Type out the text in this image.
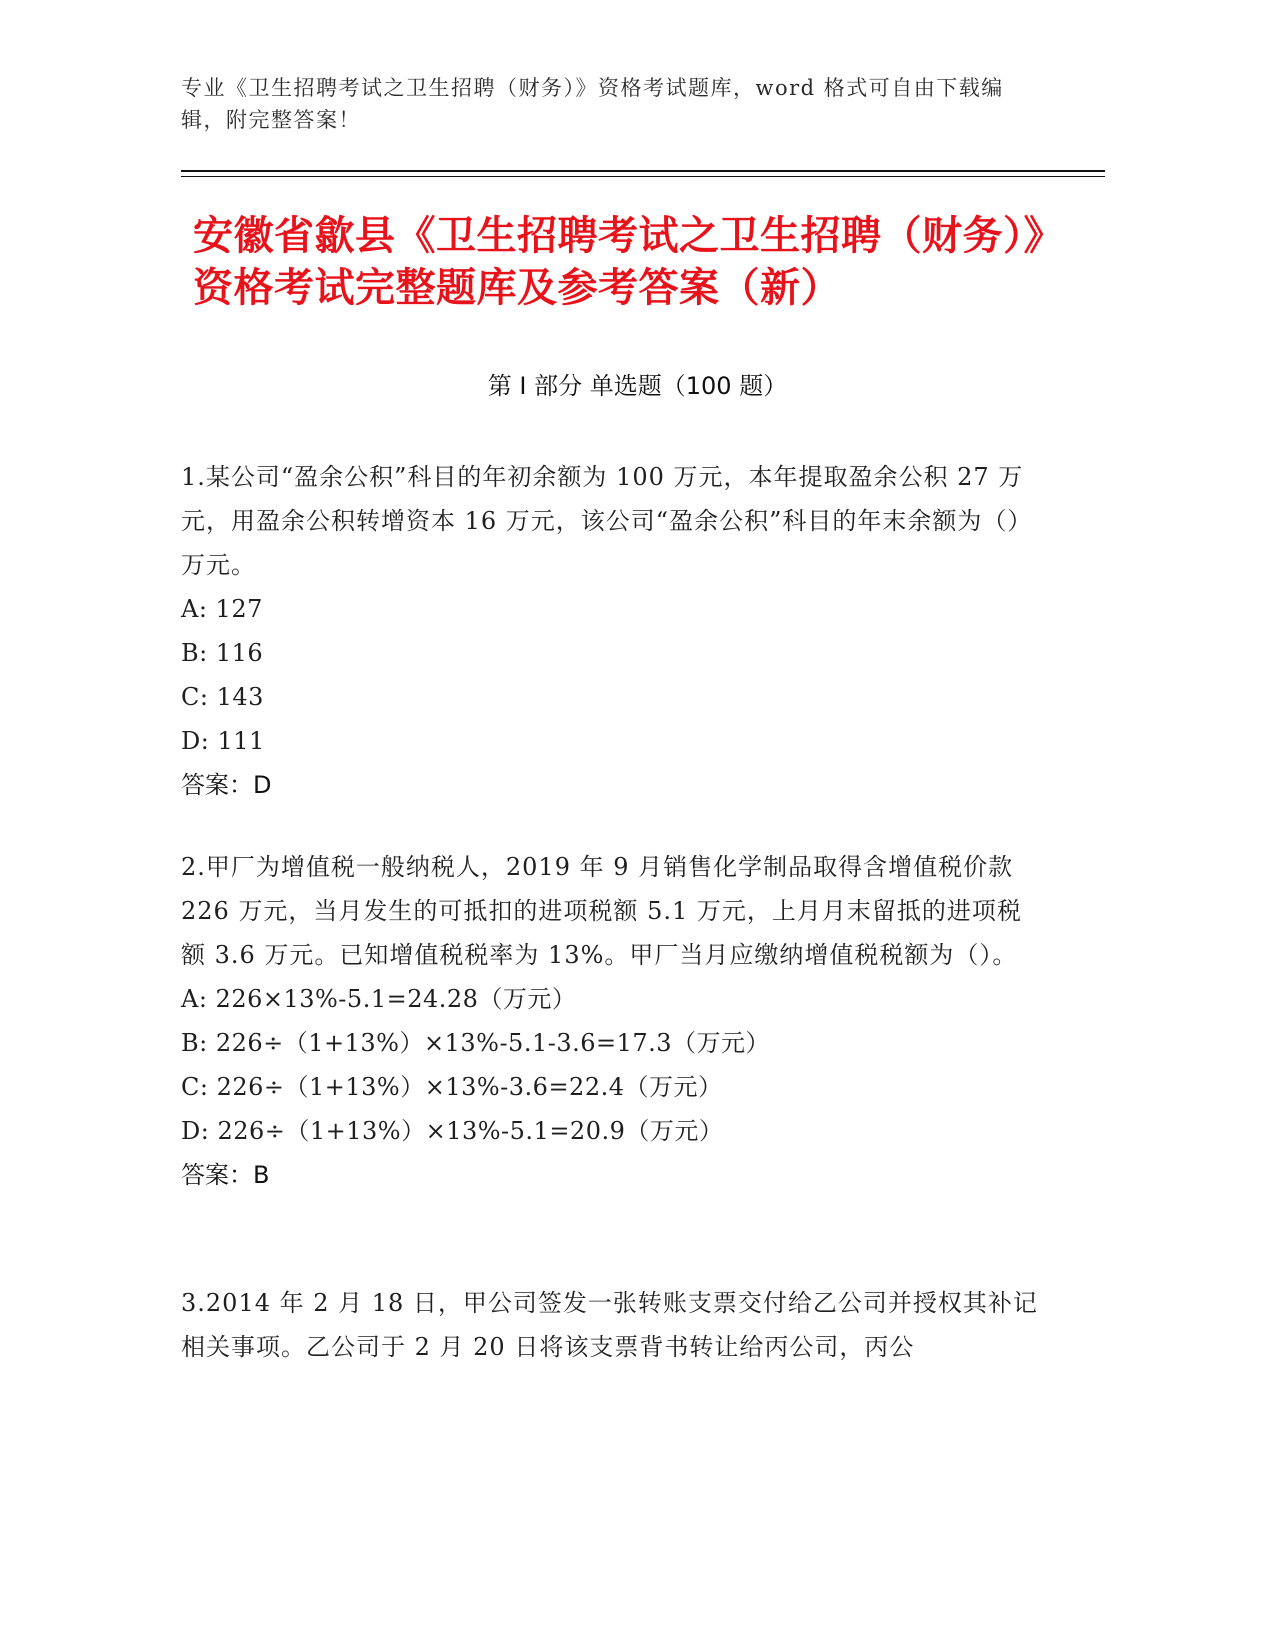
专业《卫生招聘考试之卫生招聘（财务）》资格考试题库，word 格式可自由下载编辑，附完整答案！
安徽省歙县《卫生招聘考试之卫生招聘（财务）》资格考试完整题库及参考答案（新）
第 I 部分 单选题（100 题）
1.某公司“盈余公积”科目的年初余额为 100 万元，本年提取盈余公积 27 万元，用盈余公积转增资本 16 万元，该公司“盈余公积”科目的年末余额为（）万元。
A: 127
B: 116
C: 143
D: 111
答案：D
2.甲厂为增值税一般纳税人，2019 年 9 月销售化学制品取得含增值税价款 226 万元，当月发生的可抵扣的进项税额 5.1 万元，上月月末留抵的进项税额 3.6 万元。已知增值税税率为 13%。甲厂当月应缴纳增值税税额为（）。
A: 226×13%-5.1=24.28（万元）
B: 226÷（1+13%）×13%-5.1-3.6=17.3（万元）
C: 226÷（1+13%）×13%-3.6=22.4（万元）
D: 226÷（1+13%）×13%-5.1=20.9（万元）
答案：B
3.2014 年 2 月 18 日，甲公司签发一张转账支票交付给乙公司并授权其补记相关事项。乙公司于 2 月 20 日将该支票背书转让给丙公司，丙公
